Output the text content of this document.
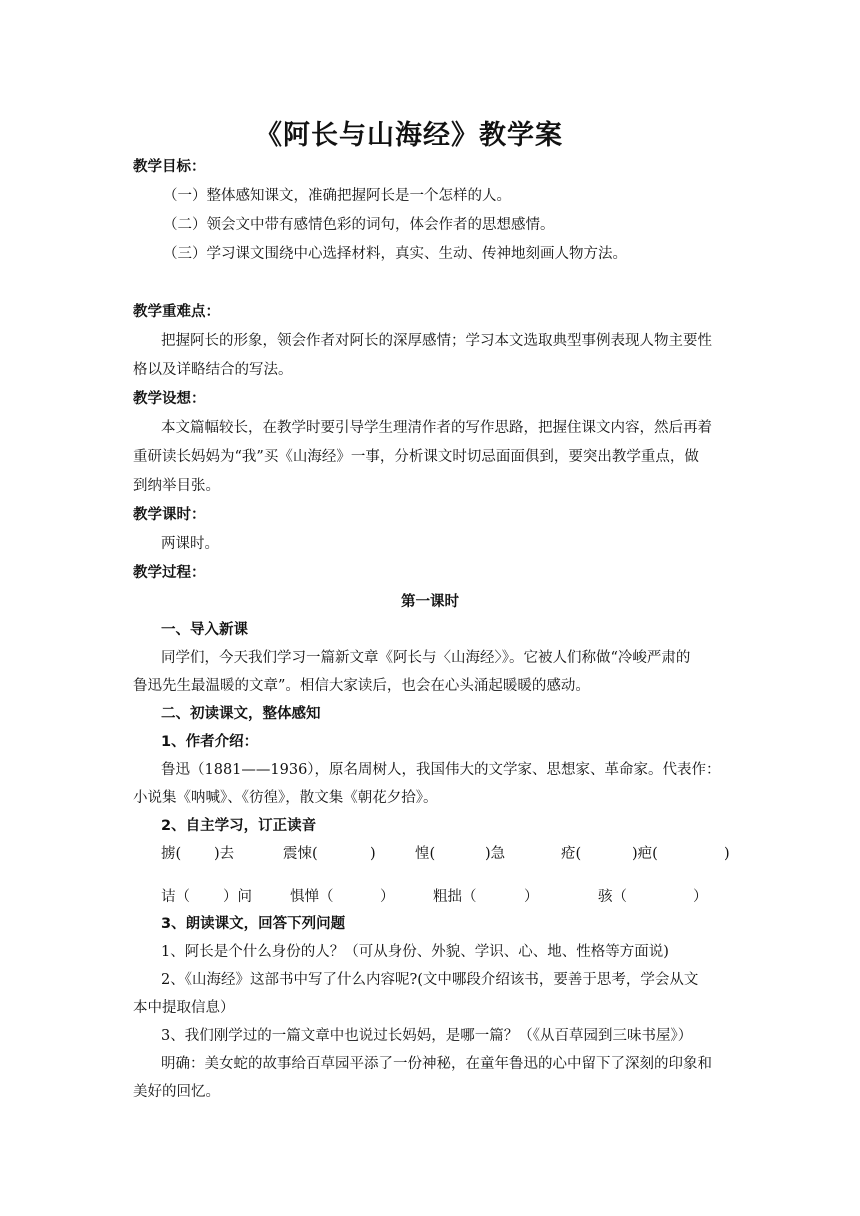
《阿长与山海经》教学案
教学目标：
（一）整体感知课文，准确把握阿长是一个怎样的人。
（二）领会文中带有感情色彩的词句，体会作者的思想感情。
（三）学习课文围绕中心选择材料，真实、生动、传神地刻画人物方法。
教学重难点：
把握阿长的形象，领会作者对阿长的深厚感情；学习本文选取典型事例表现人物主要性
格以及详略结合的写法。
教学设想：
本文篇幅较长，在教学时要引导学生理清作者的写作思路，把握住课文内容，然后再着
重研读长妈妈为“我”买《山海经》一事，分析课文时切忌面面俱到，要突出教学重点，做
到纳举目张。
教学课时：
两课时。
教学过程：
第一课时
一、导入新课
同学们，今天我们学习一篇新文章《阿长与〈山海经〉》。它被人们称做“冷峻严肃的
鲁迅先生最温暖的文章”。相信大家读后，也会在心头涌起暖暖的感动。
二、初读课文，整体感知
1、作者介绍：
鲁迅（1881——1936），原名周树人，我国伟大的文学家、思想家、革命家。代表作：
小说集《呐喊》、《彷徨》，散文集《朝花夕拾》。
2、自主学习，订正读音
掳( )去	震悚(	)	惶(	)急	疮(	)疤(	)
诘（ ）问	惧惮（	）	粗拙（	）	骇（	）
3、朗读课文，回答下列问题
1、阿长是个什么身份的人？（可从身份、外貌、学识、心、地、性格等方面说)
2、《山海经》这部书中写了什么内容呢?(文中哪段介绍该书，要善于思考，学会从文
本中提取信息）
3、我们刚学过的一篇文章中也说过长妈妈，是哪一篇？（《从百草园到三味书屋》）
明确：美女蛇的故事给百草园平添了一份神秘，在童年鲁迅的心中留下了深刻的印象和
美好的回忆。
